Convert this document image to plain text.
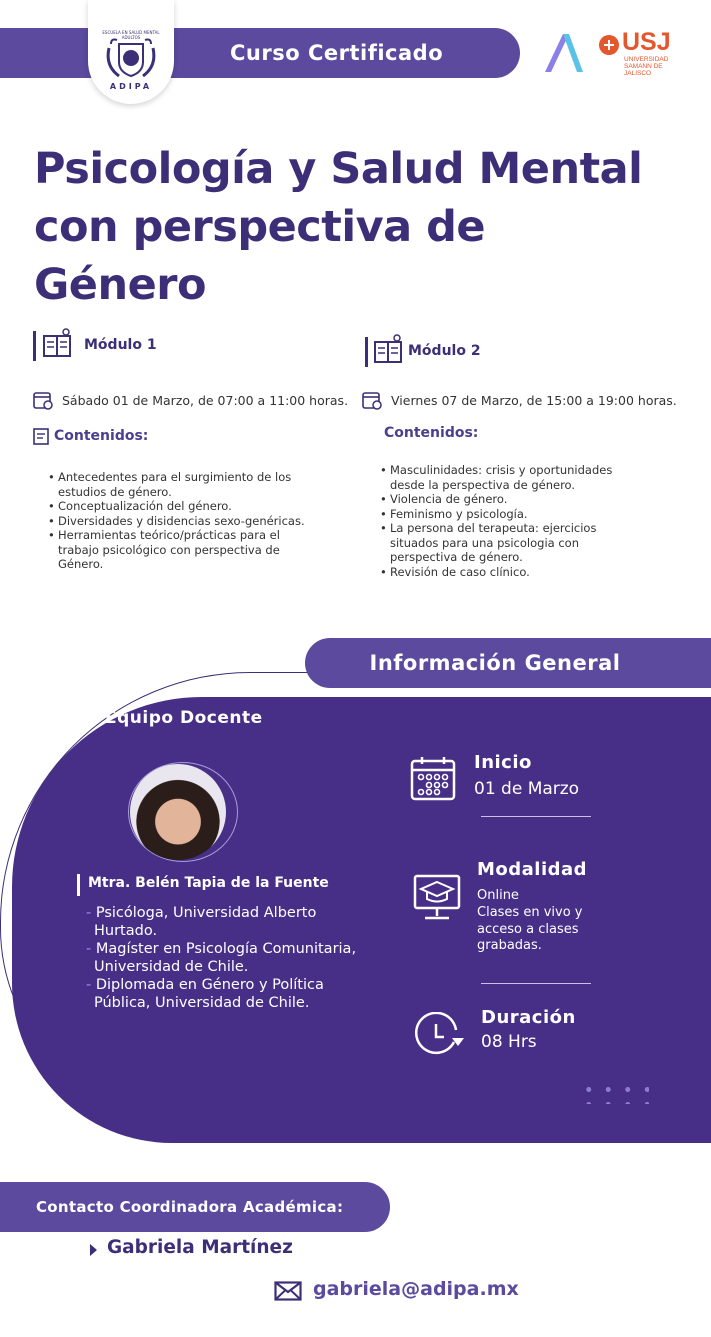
Curso Certificado
ESCUELA EN SALUD MENTAL ADULTOS
ADIPA
USJ
UNIVERSIDAD SAMANN DE JALISCO
Psicología y Salud Mental
con perspectiva de
Género
Módulo 1
Sábado 01 de Marzo, de 07:00 a 11:00 horas.
Contenidos:
• Antecedentes para el surgimiento de los estudios de género.
• Conceptualización del género.
• Diversidades y disidencias sexo-genéricas.
• Herramientas teórico/prácticas para el trabajo psicológico con perspectiva de Género.
Módulo 2
Viernes 07 de Marzo, de 15:00 a 19:00 horas.
Contenidos:
• Masculinidades: crisis y oportunidades desde la perspectiva de género.
• Violencia de género.
• Feminismo y psicología.
• La persona del terapeuta: ejercicios situados para una psicologia con perspectiva de género.
• Revisión de caso clínico.
Información General
Equipo Docente
Mtra. Belén Tapia de la Fuente
- Psicóloga, Universidad Alberto Hurtado.
- Magíster en Psicología Comunitaria, Universidad de Chile.
- Diplomada en Género y Política Pública, Universidad de Chile.
Inicio
01 de Marzo
Modalidad
Online
Clases en vivo y acceso a clases grabadas.
Duración
08 Hrs
Contacto Coordinadora Académica:
Gabriela Martínez
gabriela@adipa.mx
